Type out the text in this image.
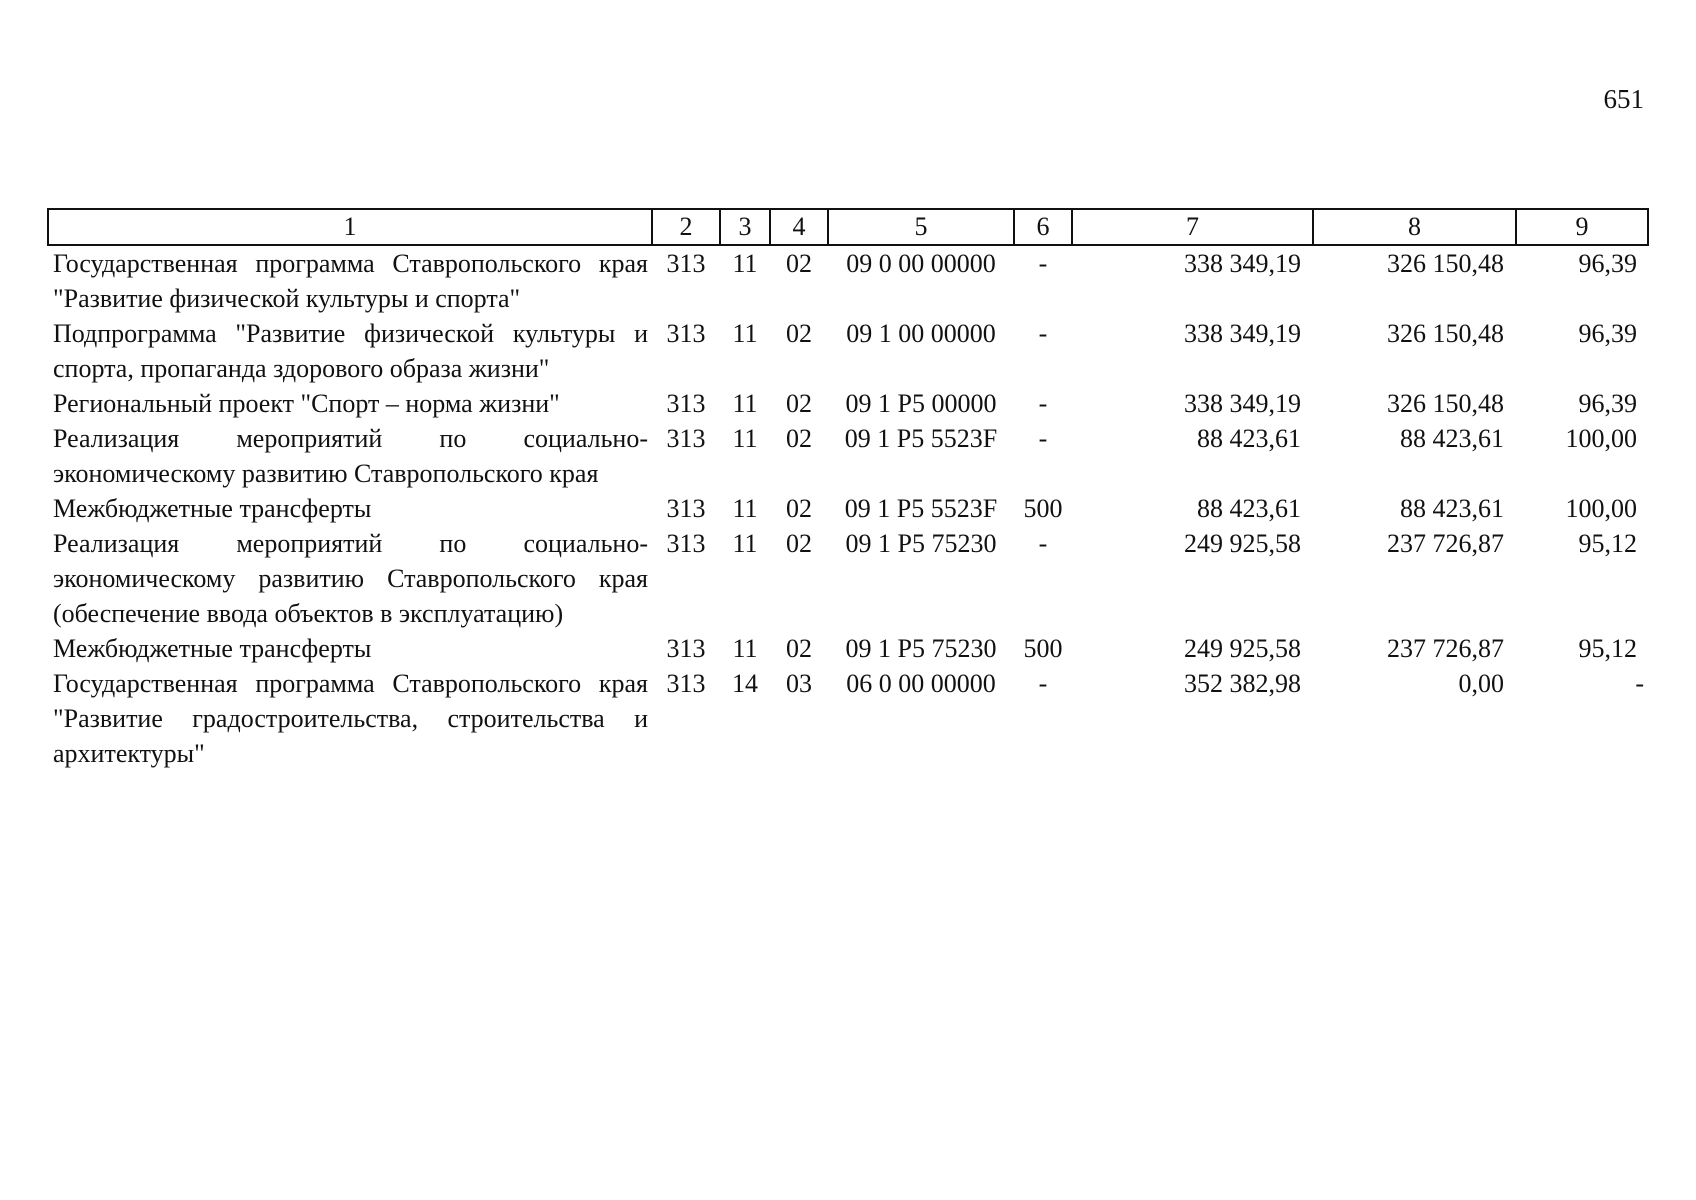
651
1	2	3	4	5	6	7	8	9
Государственная программа Ставропольского края "Развитие физической культуры и спорта"	313	11	02	09 0 00 00000	-	338 349,19	326 150,48	96,39
Подпрограмма "Развитие физической культуры и спорта, пропаганда здорового образа жизни"	313	11	02	09 1 00 00000	-	338 349,19	326 150,48	96,39
Региональный проект "Спорт – норма жизни"	313	11	02	09 1 P5 00000	-	338 349,19	326 150,48	96,39
Реализация мероприятий по социально-экономическому развитию Ставропольского края	313	11	02	09 1 P5 5523F	-	88 423,61	88 423,61	100,00
Межбюджетные трансферты	313	11	02	09 1 P5 5523F	500	88 423,61	88 423,61	100,00
Реализация мероприятий по социально-экономическому развитию Ставропольского края (обеспечение ввода объектов в эксплуатацию)	313	11	02	09 1 P5 75230	-	249 925,58	237 726,87	95,12
Межбюджетные трансферты	313	11	02	09 1 P5 75230	500	249 925,58	237 726,87	95,12
Государственная программа Ставропольского края "Развитие градостроительства, строительства и архитектуры"	313	14	03	06 0 00 00000	-	352 382,98	0,00	-
